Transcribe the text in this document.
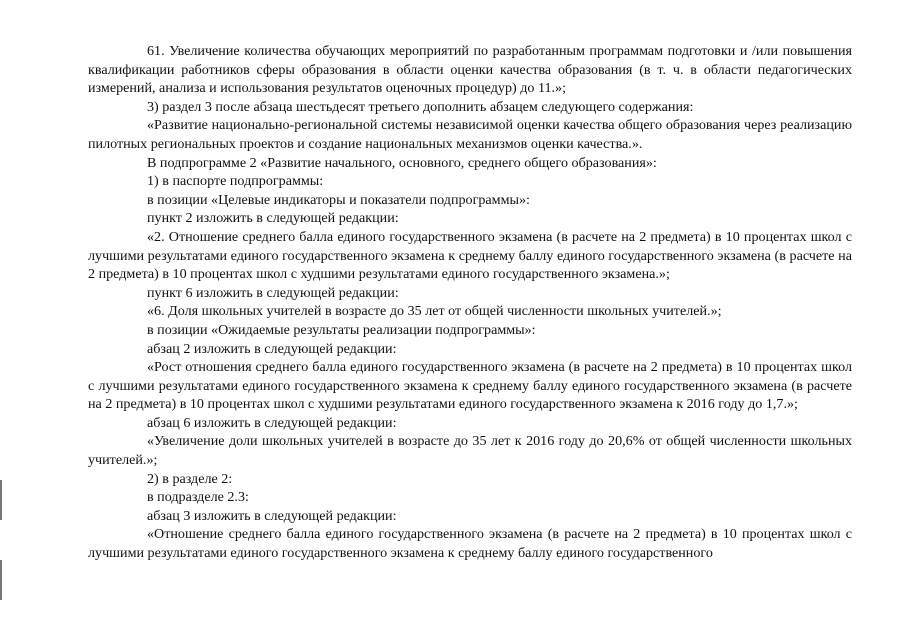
61. Увеличение количества обучающих мероприятий по разработанным программам подготовки и /или повышения квалификации работников сферы образования в области оценки качества образования (в т. ч. в области педагогических измерений, анализа и использования результатов оценочных процедур) до 11.»;

3) раздел 3 после абзаца шестьдесят третьего дополнить абзацем следующего содержания:

«Развитие национально-региональной системы независимой оценки качества общего образования через реализацию пилотных региональных проектов и создание национальных механизмов оценки качества.».

В подпрограмме 2 «Развитие начального, основного, среднего общего образования»:

1) в паспорте подпрограммы:

в позиции «Целевые индикаторы и показатели подпрограммы»:

пункт 2 изложить в следующей редакции:

«2. Отношение среднего балла единого государственного экзамена (в расчете на 2 предмета) в 10 процентах школ с лучшими результатами единого государственного экзамена к среднему баллу единого государственного экзамена (в расчете на 2 предмета) в 10 процентах школ с худшими результатами единого государственного экзамена.»;

пункт 6 изложить в следующей редакции:

«6. Доля школьных учителей в возрасте до 35 лет от общей численности школьных учителей.»;

в позиции «Ожидаемые результаты реализации подпрограммы»:

абзац 2 изложить в следующей редакции:

«Рост отношения среднего балла единого государственного экзамена (в расчете на 2 предмета) в 10 процентах школ с лучшими результатами единого государственного экзамена к среднему баллу единого государственного экзамена (в расчете на 2 предмета) в 10 процентах школ с худшими результатами единого государственного экзамена к 2016 году до 1,7.»;

абзац 6 изложить в следующей редакции:

«Увеличение доли школьных учителей в возрасте до 35 лет к 2016 году до 20,6% от общей численности школьных учителей.»;

2) в разделе 2:

в подразделе 2.3:

абзац 3 изложить в следующей редакции:

«Отношение среднего балла единого государственного экзамена (в расчете на 2 предмета) в 10 процентах школ с лучшими результатами единого государственного экзамена к среднему баллу единого государственного
